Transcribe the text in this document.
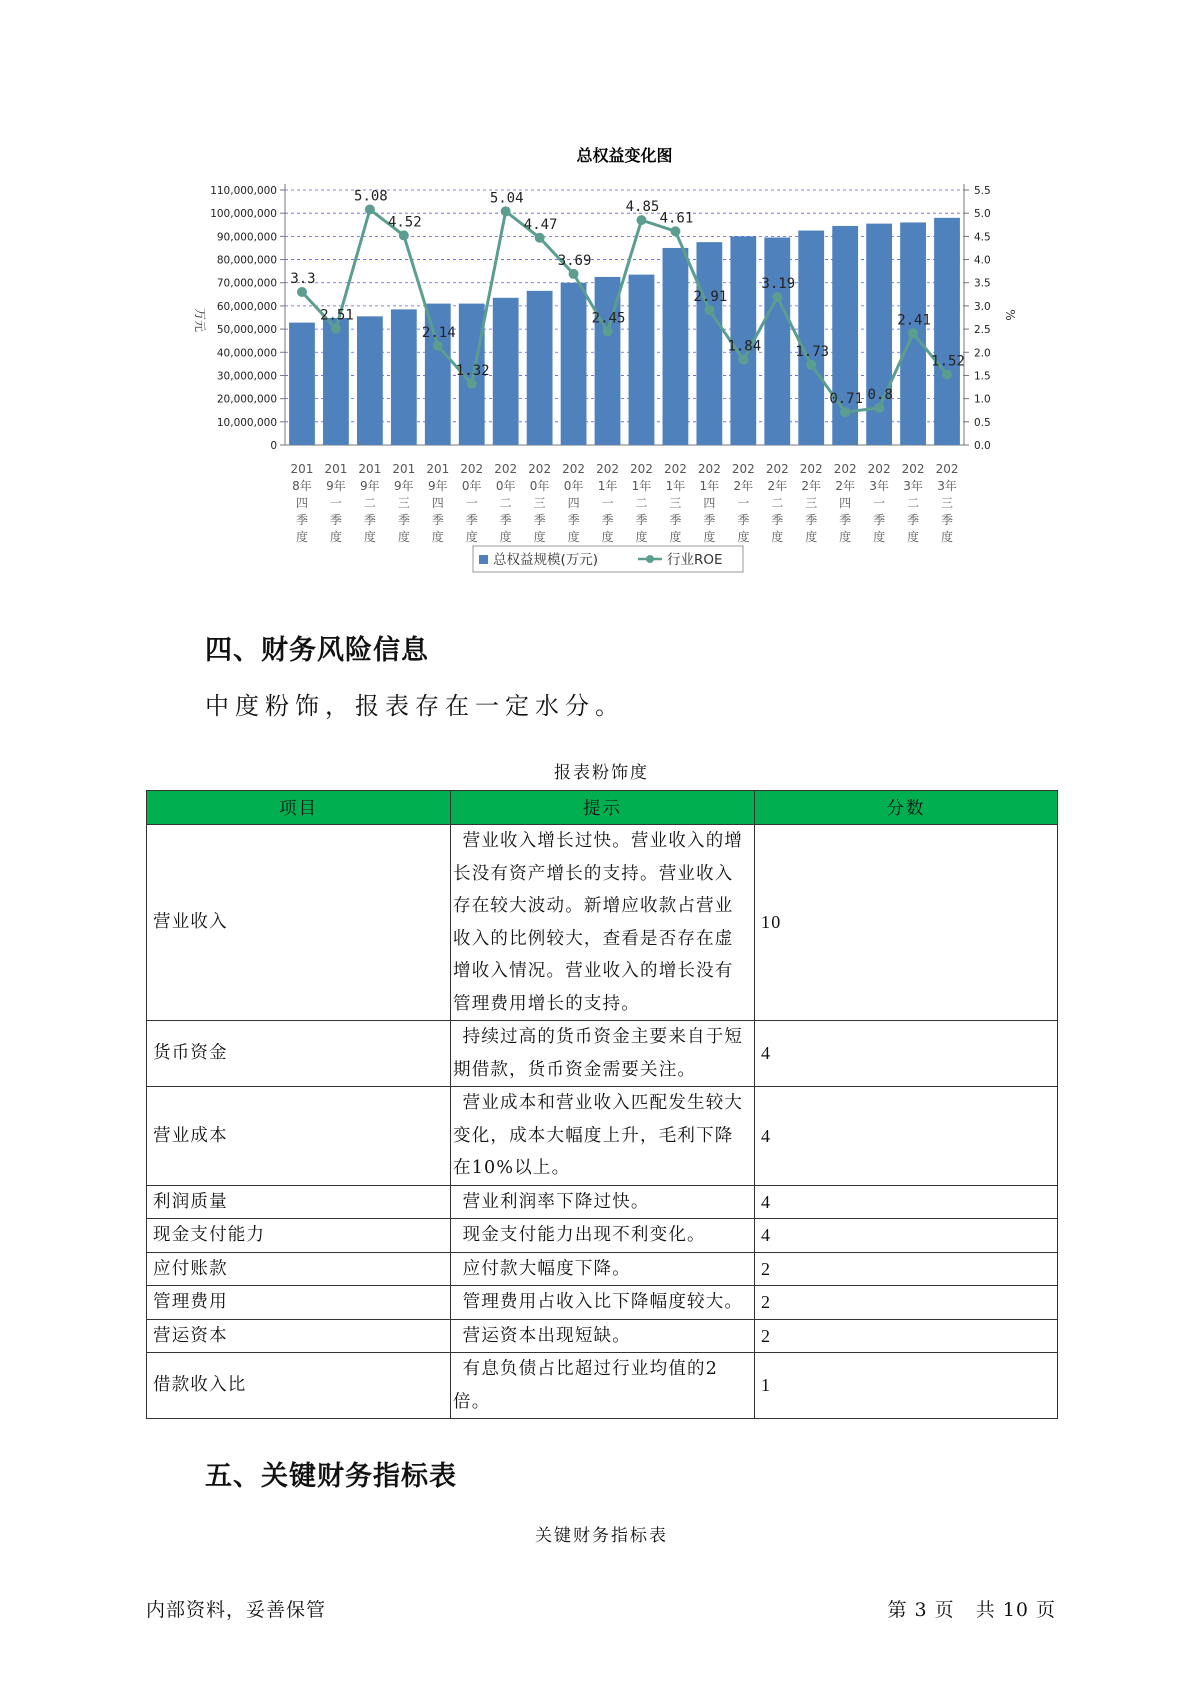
总权益变化图
0
10,000,000
20,000,000
30,000,000
40,000,000
50,000,000
60,000,000
70,000,000
80,000,000
90,000,000
100,000,000
110,000,000
0.0
0.5
1.0
1.5
2.0
2.5
3.0
3.5
4.0
4.5
5.0
5.5
万元	%
201
8年
四
季
度
201
9年
一
季
度
201
9年
二
季
度
201
9年
三
季
度
201
9年
四
季
度
202
0年
一
季
度
202
0年
二
季
度
202
0年
三
季
度
202
0年
四
季
度
202
1年
一
季
度
202
1年
二
季
度
202
1年
三
季
度
202
1年
四
季
度
202
2年
一
季
度
202
2年
二
季
度
202
2年
三
季
度
202
2年
四
季
度
202
3年
一
季
度
202
3年
二
季
度
202
3年
三
季
度
3.3
2.51
5.08
4.52
2.14
1.32
5.04
4.47
3.69
2.45
4.85
4.61
2.91
1.84
3.19
1.73
0.71 0.8
2.41
1.52
总权益规模(万元)	行业ROE
四、财务风险信息

中度粉饰，报表存在一定水分。

报表粉饰度
项目	提示	分数
营业收入	营业收入增长过快。营业收入的增长没有资产增长的支持。营业收入存在较大波动。新增应收款占营业收入的比例较大，查看是否存在虚增收入情况。营业收入的增长没有管理费用增长的支持。	10
货币资金	持续过高的货币资金主要来自于短期借款，货币资金需要关注。	4
营业成本	营业成本和营业收入匹配发生较大变化，成本大幅度上升，毛利下降在10%以上。	4
利润质量	营业利润率下降过快。	4
现金支付能力	现金支付能力出现不利变化。	4
应付账款	应付款大幅度下降。	2
管理费用	管理费用占收入比下降幅度较大。	2
营运资本	营运资本出现短缺。	2
借款收入比	有息负债占比超过行业均值的2倍。	1
五、关键财务指标表
关键财务指标表
内部资料，妥善保管	第 3 页   共 10 页
